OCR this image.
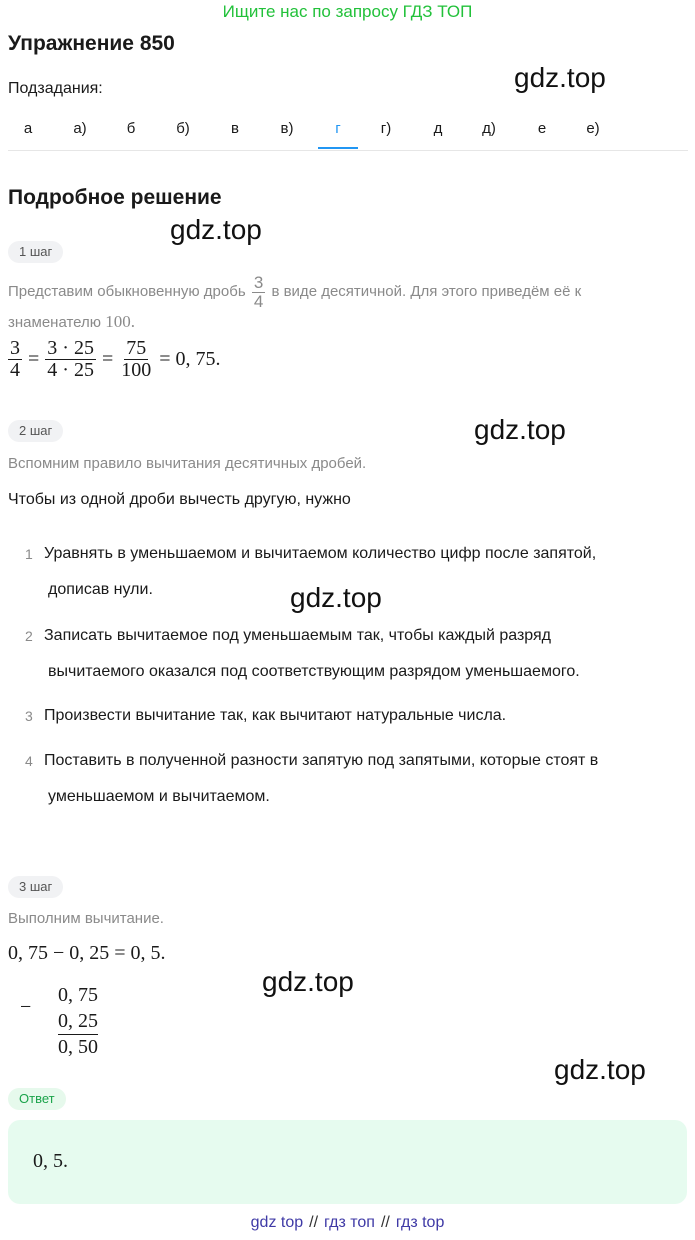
Ищите нас по запросу ГДЗ ТОП
Упражнение 850
Подзадания:	gdz.top
а	а)	б	б)	в	в)	г	г)	д	д)	е	е)
Подробное решение
gdz.top
1 шаг
Представим обыкновенную дробь $\frac{3}{4}$ в виде десятичной. Для этого приведём её к
знаменателю 100.
$\frac{3}{4} = \frac{3 \cdot 25}{4 \cdot 25} = \frac{75}{100} = 0$, 75.
2 шаг	gdz.top
Вспомним правило вычитания десятичных дробей.
Чтобы из одной дроби вычесть другую, нужно
1 Уравнять в уменьшаемом и вычитаемом количество цифр после запятой,
дописав нули.
2 Записать вычитаемое под уменьшаемым так, чтобы каждый разряд
вычитаемого оказался под соответствующим разрядом уменьшаемого.
3 Произвести вычитание так, как вычитают натуральные числа.
4 Поставить в полученной разности запятую под запятыми, которые стоят в
уменьшаемом и вычитаемом.
gdz.top
3 шаг
Выполним вычитание.
0, 75 − 0, 25 = 0, 5.
gdz.top
−
0, 75
0, 25
0, 50
gdz.top
Ответ
0, 5.
gdz top // гдз топ // гдз top
